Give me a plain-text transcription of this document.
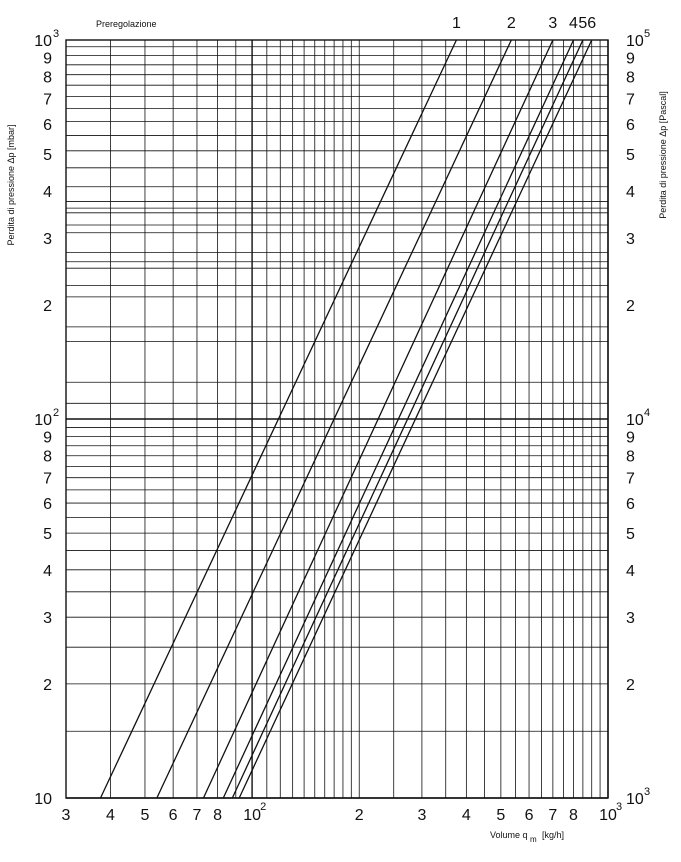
1	2 3 4 5 6
Preregolazione
10
2
3
4
5
6
7
8
9
10 2
2
3
4
5
6
7
8
9
10 3
10 3
2
3
4
5
6
7
8
9
10 4
2
3
4
5
6
7
8
9
10 5
3 4 5 6 7 8 10	2	3 4 5 6 7 8 10
2	3
Volume q m [kg/h]
Perdita di pressione Δp [mbar]	Perdita di pressione Δp [Pascal]
